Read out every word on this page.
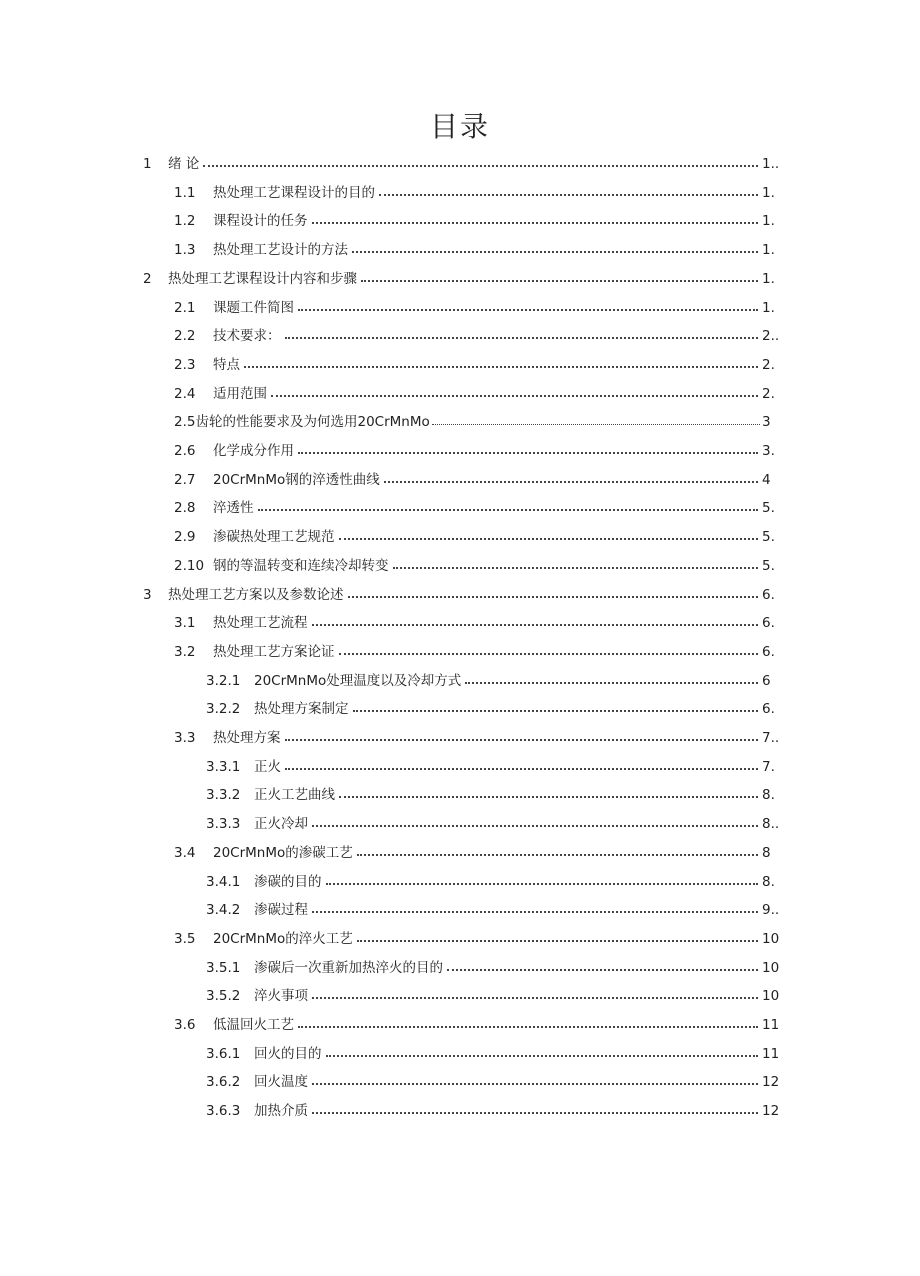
目录
1	绪 论	1..
1.1	热处理工艺课程设计的目的	1.
1.2	课程设计的任务	1.
1.3	热处理工艺设计的方法	1.
2	热处理工艺课程设计内容和步骤	1.
2.1	课题工件简图	1.
2.2	技术要求：	2..
2.3	特点	2.
2.4	适用范围	2.
2.5 齿轮的性能要求及为何选用20CrMnMo	3
2.6	化学成分作用	3.
2.7	20CrMnMo钢的淬透性曲线	4
2.8	淬透性	5.
2.9	渗碳热处理工艺规范	5.
2.10 钢的等温转变和连续冷却转变	5.
3	热处理工艺方案以及参数论述	6.
3.1	热处理工艺流程	6.
3.2	热处理工艺方案论证	6.
3.2.1	20CrMnMo处理温度以及冷却方式	6
3.2.2	热处理方案制定	6.
3.3	热处理方案	7..
3.3.1	正火	7.
3.3.2	正火工艺曲线	8.
3.3.3	正火冷却	8..
3.4	20CrMnMo的渗碳工艺	8
3.4.1	渗碳的目的	8.
3.4.2	渗碳过程	9..
3.5	20CrMnMo的淬火工艺	10
3.5.1	渗碳后一次重新加热淬火的目的	10
3.5.2	淬火事项	10
3.6	低温回火工艺	11
3.6.1	回火的目的	11
3.6.2	回火温度	12
3.6.3	加热介质	12
